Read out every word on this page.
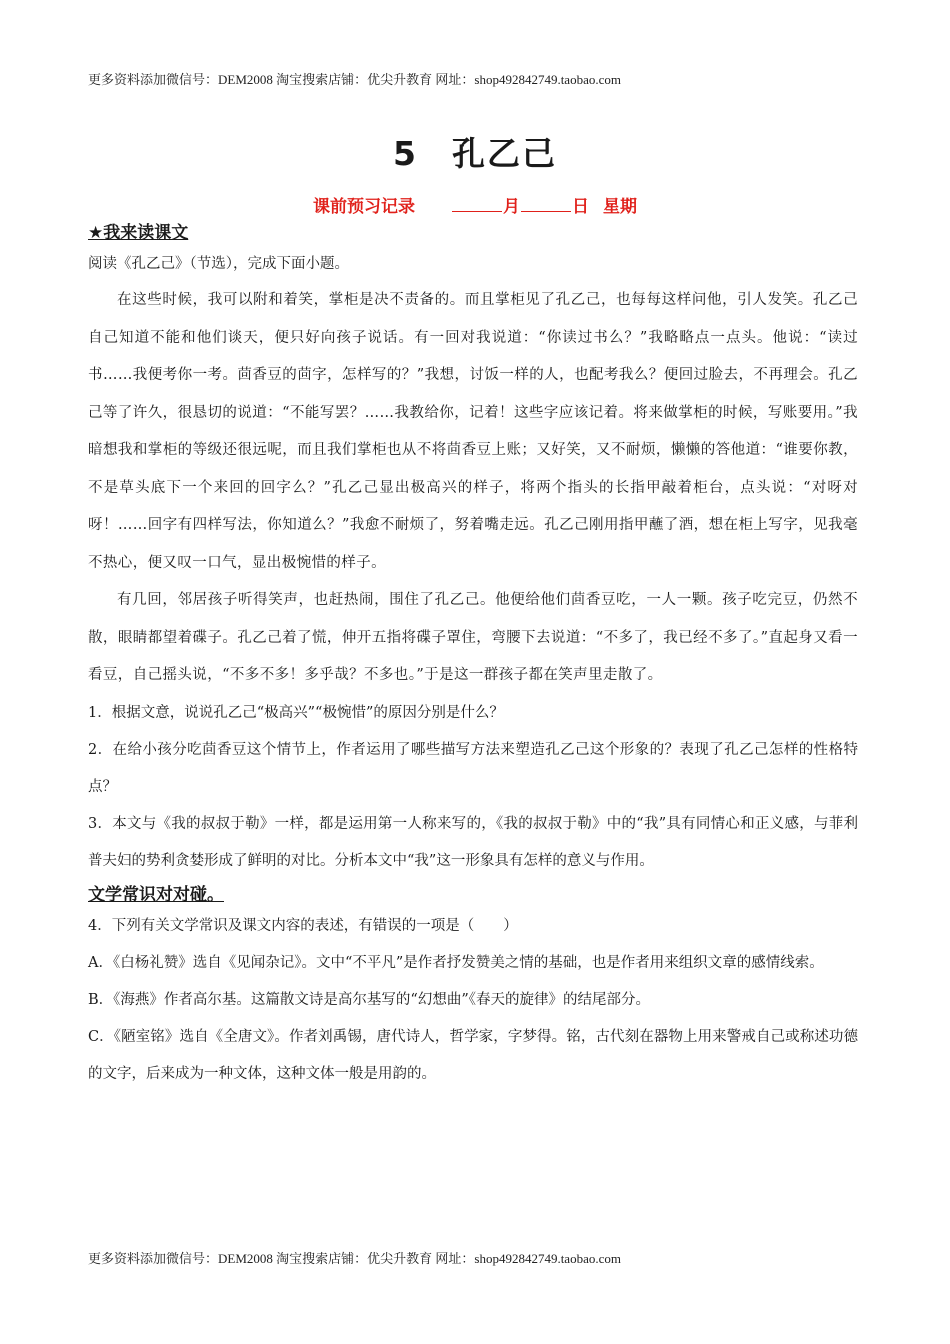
更多资料添加微信号：DEM2008 淘宝搜索店铺：优尖升教育 网址：shop492842749.taobao.com
5 孔乙己
课前预习记录	月	日 星期
★我来读课文
阅读《孔乙己》（节选），完成下面小题。

在这些时候，我可以附和着笑，掌柜是决不责备的。而且掌柜见了孔乙己，也每每这样问他，引人发笑。孔乙己自己知道不能和他们谈天，便只好向孩子说话。有一回对我说道：“你读过书么？”我略略点一点头。他说：“读过书……我便考你一考。茴香豆的茴字，怎样写的？”我想，讨饭一样的人，也配考我么？便回过脸去，不再理会。孔乙己等了许久，很恳切的说道：“不能写罢？……我教给你，记着！这些字应该记着。将来做掌柜的时候，写账要用。”我暗想我和掌柜的等级还很远呢，而且我们掌柜也从不将茴香豆上账；又好笑，又不耐烦，懒懒的答他道：“谁要你教，不是草头底下一个来回的回字么？”孔乙己显出极高兴的样子，将两个指头的长指甲敲着柜台，点头说：“对呀对呀！……回字有四样写法，你知道么？”我愈不耐烦了，努着嘴走远。孔乙己刚用指甲蘸了酒，想在柜上写字，见我毫不热心，便又叹一口气，显出极惋惜的样子。

有几回，邻居孩子听得笑声，也赶热闹，围住了孔乙己。他便给他们茴香豆吃，一人一颗。孩子吃完豆，仍然不散，眼睛都望着碟子。孔乙己着了慌，伸开五指将碟子罩住，弯腰下去说道：“不多了，我已经不多了。”直起身又看一看豆，自己摇头说，“不多不多！多乎哉？不多也。”于是这一群孩子都在笑声里走散了。

1．根据文意，说说孔乙己“极高兴”“极惋惜”的原因分别是什么？

2．在给小孩分吃茴香豆这个情节上，作者运用了哪些描写方法来塑造孔乙己这个形象的？表现了孔乙己怎样的性格特点？

3．本文与《我的叔叔于勒》一样，都是运用第一人称来写的，《我的叔叔于勒》中的“我”具有同情心和正义感，与菲利普夫妇的势利贪婪形成了鲜明的对比。分析本文中“我”这一形象具有怎样的意义与作用。

文学常识对对碰。

4．下列有关文学常识及课文内容的表述，有错误的一项是（　　）

A．《白杨礼赞》选自《见闻杂记》。文中“不平凡”是作者抒发赞美之情的基础，也是作者用来组织文章的感情线索。

B．《海燕》作者高尔基。这篇散文诗是高尔基写的“幻想曲”《春天的旋律》的结尾部分。

C．《陋室铭》选自《全唐文》。作者刘禹锡，唐代诗人，哲学家，字梦得。铭，古代刻在器物上用来警戒自己或称述功德的文字，后来成为一种文体，这种文体一般是用韵的。

更多资料添加微信号：DEM2008 淘宝搜索店铺：优尖升教育 网址：shop492842749.taobao.com
